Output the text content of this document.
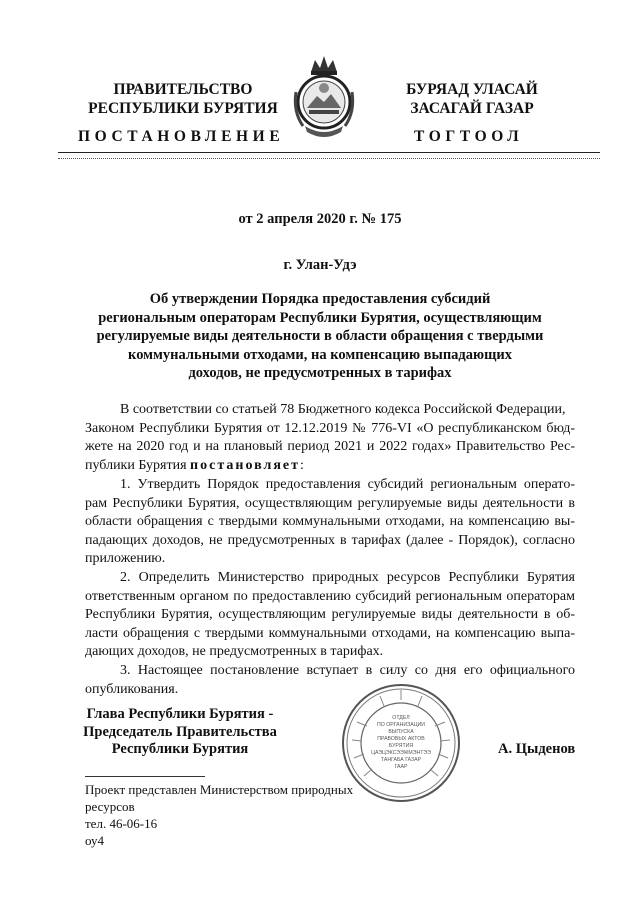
ПРАВИТЕЛЬСТВО
РЕСПУБЛИКИ БУРЯТИЯ
БУРЯАД УЛАСАЙ
ЗАСАГАЙ ГАЗАР
ПОСТАНОВЛЕНИЕ	ТОГТООЛ
от 2 апреля 2020 г. № 175
г. Улан-Удэ
Об утверждении Порядка предоставления субсидий
региональным операторам Республики Бурятия, осуществляющим
регулируемые виды деятельности в области обращения с твердыми
коммунальными отходами, на компенсацию выпадающих
доходов, не предусмотренных в тарифах
В соответствии со статьей 78 Бюджетного кодекса Российской Федерации,
Законом Республики Бурятия от 12.12.2019 № 776-VI «О республиканском бюд-
жете на 2020 год и на плановый период 2021 и 2022 годах» Правительство Рес-
публики Бурятия постановляет:
1. Утвердить Порядок предоставления субсидий региональным операто-
рам Республики Бурятия, осуществляющим регулируемые виды деятельности в
области обращения с твердыми коммунальными отходами, на компенсацию вы-
падающих доходов, не предусмотренных в тарифах (далее - Порядок), согласно
приложению.
2. Определить Министерство природных ресурсов Республики Бурятия
ответственным органом по предоставлению субсидий региональным операторам
Республики Бурятия, осуществляющим регулируемые виды деятельности в об-
ласти обращения с твердыми коммунальными отходами, на компенсацию выпа-
дающих доходов, не предусмотренных в тарифах.
3. Настоящее постановление вступает в силу со дня его официального
опубликования.
Глава Республики Бурятия -
Председатель Правительства
Республики Бурятия
ОТДЕЛ
ПО ОРГАНИЗАЦИИ
ВЫПУСКА
ПРАВОВЫХ АКТОВ
БУРЯТИЯ
ЦАЭЦЭКСЭЭЖМЭНТЭЭ
ТАНГАБА ГАЗАР
ГААР
А. Цыденов
Проект представлен Министерством природных
ресурсов
тел. 46-06-16
оу4
